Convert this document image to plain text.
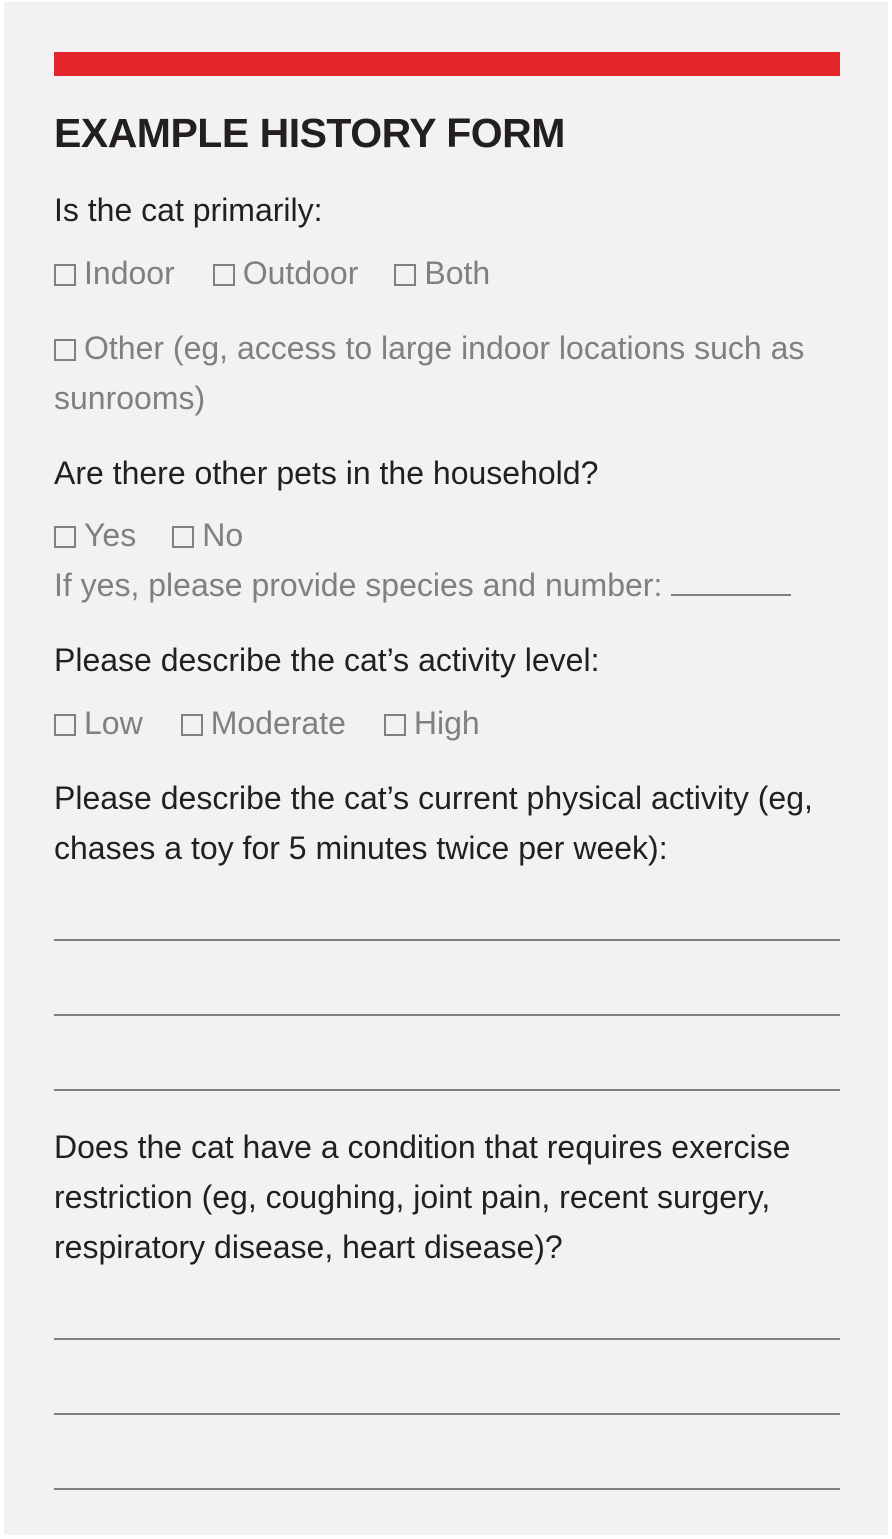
EXAMPLE HISTORY FORM
Is the cat primarily:
Indoor Outdoor Both
Other (eg, access to large indoor locations such as sunrooms)
Are there other pets in the household?
Yes No
If yes, please provide species and number:
Please describe the cat’s activity level:
Low Moderate High
Please describe the cat’s current physical activity (eg, chases a toy for 5 minutes twice per week):
Does the cat have a condition that requires exercise restriction (eg, coughing, joint pain, recent surgery, respiratory disease, heart disease)?
